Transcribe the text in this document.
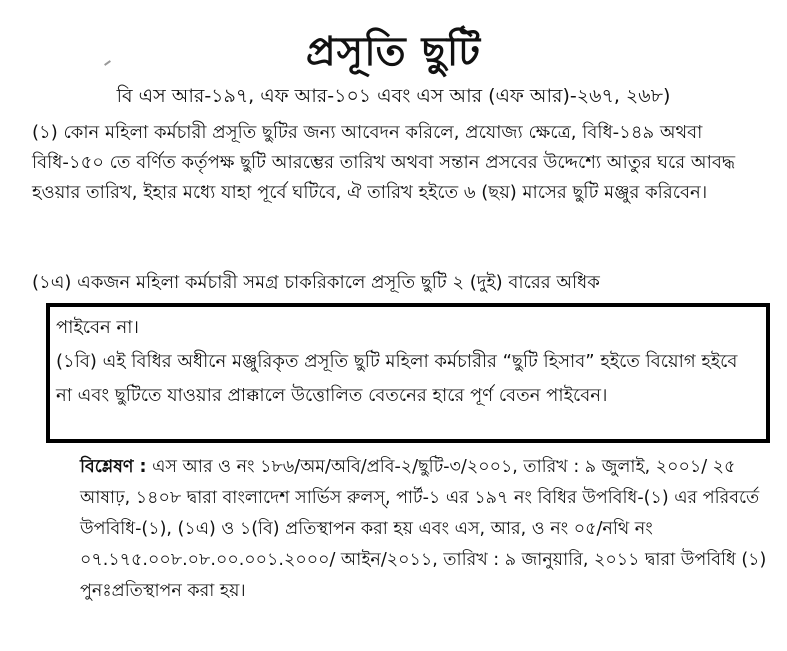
প্রসূতি ছুটি
বি এস আর-১৯৭, এফ আর-১০১ এবং এস আর (এফ আর)-২৬৭, ২৬৮)
(১) কোন মহিলা কর্মচারী প্রসূতি ছুটির জন্য আবেদন করিলে, প্রযোজ্য ক্ষেত্রে, বিধি-১৪৯ অথবা বিধি-১৫০ তে বর্ণিত কর্তৃপক্ষ ছুটি আরম্ভের তারিখ অথবা সন্তান প্রসবের উদ্দেশ্যে আতুর ঘরে আবদ্ধ হওয়ার তারিখ, ইহার মধ্যে যাহা পূর্বে ঘটিবে, ঐ তারিখ হইতে ৬ (ছয়) মাসের ছুটি মঞ্জুর করিবেন।
(১এ) একজন মহিলা কর্মচারী সমগ্র চাকরিকালে প্রসূতি ছুটি ২ (দুই) বারের অধিক
পাইবেন না।
(১বি) এই বিধির অধীনে মঞ্জুরিকৃত প্রসূতি ছুটি মহিলা কর্মচারীর “ছুটি হিসাব” হইতে বিয়োগ হইবে না এবং ছুটিতে যাওয়ার প্রাক্কালে উত্তোলিত বেতনের হারে পূর্ণ বেতন পাইবেন।
বিশ্লেষণ : এস আর ও নং ১৮৬/অম/অবি/প্রবি-২/ছুটি-৩/২০০১, তারিখ : ৯ জুলাই, ২০০১/ ২৫ আষাঢ়, ১৪০৮ দ্বারা বাংলাদেশ সার্ভিস রুলস্, পার্ট-১ এর ১৯৭ নং বিধির উপবিধি-(১) এর পরিবর্তে উপবিধি-(১), (১এ) ও ১(বি) প্রতিস্থাপন করা হয় এবং এস, আর, ও নং ০৫/নথি নং ০৭.১৭৫.০০৮.০৮.০০.০০১.২০০০/ আইন/২০১১, তারিখ : ৯ জানুয়ারি, ২০১১ দ্বারা উপবিধি (১) পুনঃপ্রতিস্থাপন করা হয়।
